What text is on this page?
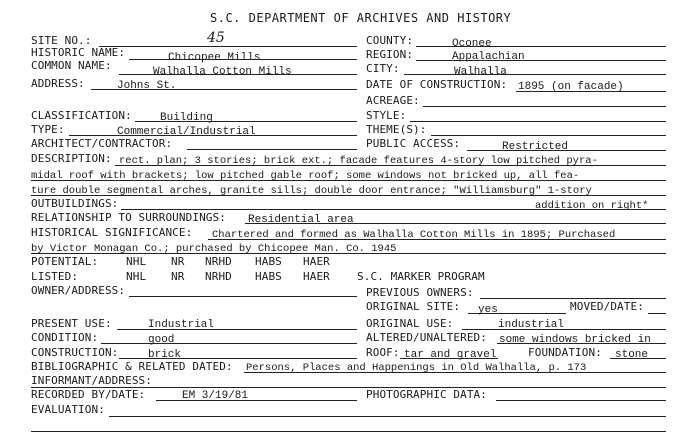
S.C. DEPARTMENT OF ARCHIVES AND HISTORY
SITE NO.:	45	COUNTY:	Oconee
HISTORIC NAME:	Chicopee Mills	REGION:	Appalachian
COMMON NAME:	Walhalla Cotton Mills	CITY:	Walhalla
ADDRESS:	Johns St.	DATE OF CONSTRUCTION: 1895 (on facade)
ACREAGE:
CLASSIFICATION:	Building	STYLE:
TYPE:	Commercial/Industrial	THEME(S):
ARCHITECT/CONTRACTOR:	PUBLIC ACCESS:	Restricted
DESCRIPTION: rect. plan; 3 stories; brick ext.; facade features 4-story low pitched pyra-
midal roof with brackets; low pitched gable roof; some windows not bricked up, all fea-
ture double segmental arches, granite sills; double door entrance; "Williamsburg" 1-story
OUTBUILDINGS:	addition on right*
RELATIONSHIP TO SURROUNDINGS: Residential area
HISTORICAL SIGNIFICANCE: Chartered and formed as Walhalla Cotton Mills in 1895; Purchased
by Victor Monagan Co.; purchased by Chicopee Man. Co. 1945
POTENTIAL:	NHL NR NRHD HABS HAER
LISTED:	NHL NR NRHD HABS HAER S.C. MARKER PROGRAM
OWNER/ADDRESS:	PREVIOUS OWNERS:
ORIGINAL SITE: yes	MOVED/DATE:
PRESENT USE:	Industrial	ORIGINAL USE:	industrial
CONDITION:	good	ALTERED/UNALTERED: some windows bricked in
CONSTRUCTION:	brick	ROOF: tar and gravel	FOUNDATION: stone
BIBLIOGRAPHIC & RELATED DATED: Persons, Places and Happenings in Old Walhalla, p. 173
INFORMANT/ADDRESS:
RECORDED BY/DATE:	EM 3/19/81	PHOTOGRAPHIC DATA:
EVALUATION:
